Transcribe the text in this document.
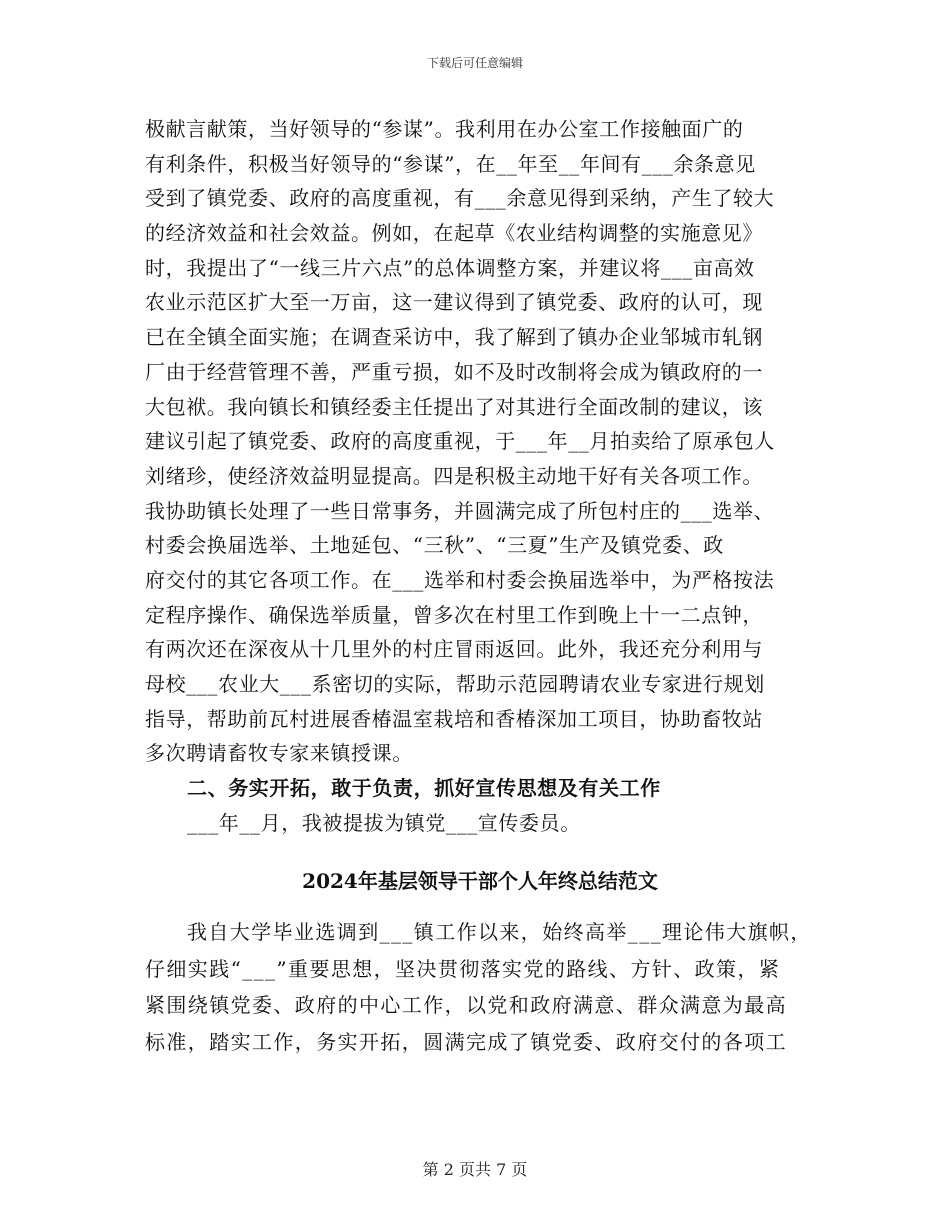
下载后可任意编辑
极献言献策，当好领导的“参谋”。我利用在办公室工作接触面广的
有利条件，积极当好领导的“参谋”，在__年至__年间有___余条意见
受到了镇党委、政府的高度重视，有___余意见得到采纳，产生了较大
的经济效益和社会效益。例如，在起草《农业结构调整的实施意见》
时，我提出了“一线三片六点”的总体调整方案，并建议将___亩高效
农业示范区扩大至一万亩，这一建议得到了镇党委、政府的认可，现
已在全镇全面实施；在调查采访中，我了解到了镇办企业邹城市轧钢
厂由于经营管理不善，严重亏损，如不及时改制将会成为镇政府的一
大包袱。我向镇长和镇经委主任提出了对其进行全面改制的建议，该
建议引起了镇党委、政府的高度重视，于___年__月拍卖给了原承包人
刘绪珍，使经济效益明显提高。四是积极主动地干好有关各项工作。
我协助镇长处理了一些日常事务，并圆满完成了所包村庄的___选举、
村委会换届选举、土地延包、“三秋”、“三夏”生产及镇党委、政
府交付的其它各项工作。在___选举和村委会换届选举中，为严格按法
定程序操作、确保选举质量，曾多次在村里工作到晚上十一二点钟，
有两次还在深夜从十几里外的村庄冒雨返回。此外，我还充分利用与
母校___农业大___系密切的实际，帮助示范园聘请农业专家进行规划
指导，帮助前瓦村进展香椿温室栽培和香椿深加工项目，协助畜牧站
多次聘请畜牧专家来镇授课。
二、务实开拓，敢于负责，抓好宣传思想及有关工作
___年__月，我被提拔为镇党___宣传委员。
2024年基层领导干部个人年终总结范文
我自大学毕业选调到___镇工作以来，始终高举___理论伟大旗帜，
仔细实践“___”重要思想，坚决贯彻落实党的路线、方针、政策，紧
紧围绕镇党委、政府的中心工作，以党和政府满意、群众满意为最高
标准，踏实工作，务实开拓，圆满完成了镇党委、政府交付的各项工
第 2 页共 7 页
